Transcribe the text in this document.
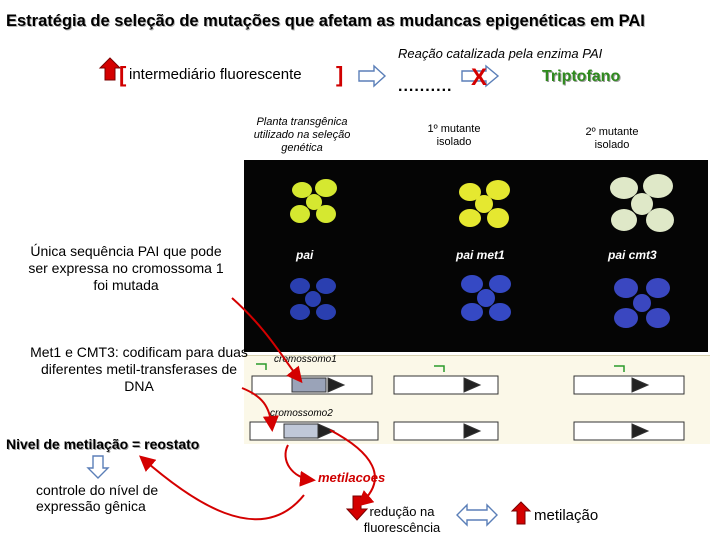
Estratégia de seleção de mutações que afetam as mudancas epigenéticas em PAI
Reação catalizada pela enzima PAI
[ intermediário fluorescente ]	.......... X	Triptofano
Planta transgênica utilizado na seleção genética
1º mutante isolado
2º mutante isolado
pai	pai met1	pai cmt3
cromossomo1
cromossomo2
Única sequência PAI que pode ser expressa no cromossoma 1 foi mutada
Met1 e CMT3: codificam para duas diferentes metil-transferases de DNA
Nivel de metilação = reostato
controle do nível de expressão gênica
metilacoes
redução na fluorescência
metilação
